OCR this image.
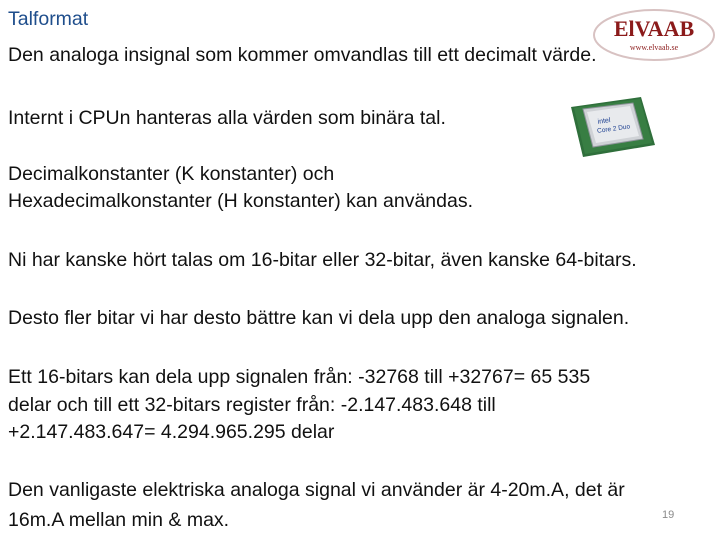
Talformat
Den analoga insignal som kommer omvandlas till ett decimalt värde.
Internt i CPUn hanteras alla värden som binära tal.
Decimalkonstanter (K konstanter) och
Hexadecimalkonstanter (H konstanter) kan användas.
Ni har kanske hört talas om 16-bitar eller 32-bitar, även kanske 64-bitars.
Desto fler bitar vi har desto bättre kan vi dela upp den analoga signalen.
Ett 16-bitars kan dela upp signalen från: -32768 till +32767= 65 535
delar och till ett 32-bitars register från: -2.147.483.648 till
+2.147.483.647= 4.294.965.295 delar
Den vanligaste elektriska analoga signal vi använder är 4-20m.A, det är
16m.A mellan min & max.	19
ElVAAB
www.elvaab.se
intel
Core 2 Duo
